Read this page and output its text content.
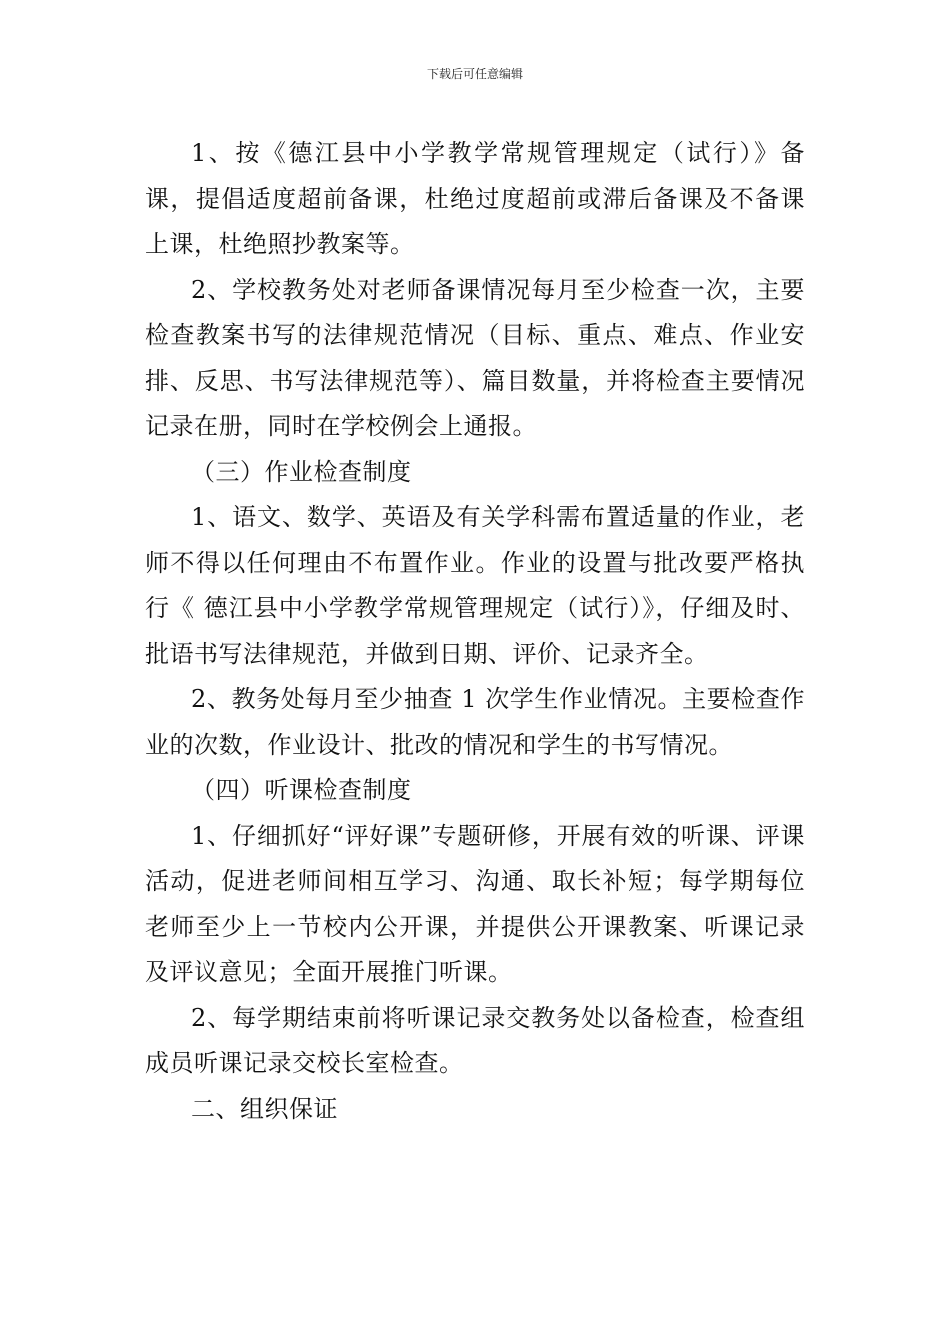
下载后可任意编辑

1、按《德江县中小学教学常规管理规定（试行）》备课，提倡适度超前备课，杜绝过度超前或滞后备课及不备课上课，杜绝照抄教案等。

2、学校教务处对老师备课情况每月至少检查一次，主要检查教案书写的法律规范情况（目标、重点、难点、作业安排、反思、书写法律规范等）、篇目数量，并将检查主要情况记录在册，同时在学校例会上通报。

（三）作业检查制度

1、语文、数学、英语及有关学科需布置适量的作业，老师不得以任何理由不布置作业。作业的设置与批改要严格执行《 德江县中小学教学常规管理规定（试行）》，仔细及时、批语书写法律规范，并做到日期、评价、记录齐全。

2、教务处每月至少抽查 1 次学生作业情况。主要检查作业的次数，作业设计、批改的情况和学生的书写情况。

（四）听课检查制度

1、仔细抓好“评好课”专题研修，开展有效的听课、评课活动，促进老师间相互学习、沟通、取长补短；每学期每位老师至少上一节校内公开课，并提供公开课教案、听课记录及评议意见；全面开展推门听课。

2、每学期结束前将听课记录交教务处以备检查，检查组成员听课记录交校长室检查。

二、组织保证
